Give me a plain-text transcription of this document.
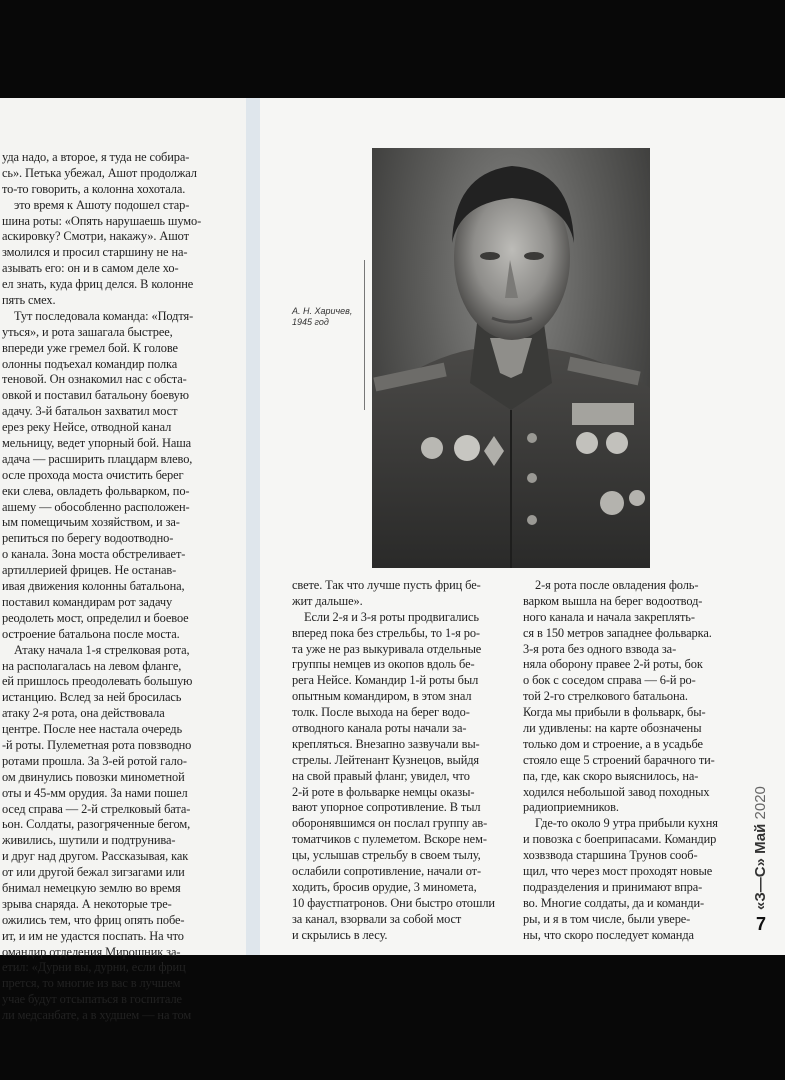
уда надо, а второе, я туда не собира-
сь». Петька убежал, Ашот продолжал
то-то говорить, а колонна хохотала.
это время к Ашоту подошел стар-
шина роты: «Опять нарушаешь шумо-
аскировку? Смотри, накажу». Ашот
змолился и просил старшину не на-
азывать его: он и в самом деле хо-
ел знать, куда фриц делся. В колонне
пять смех.
Тут последовала команда: «Подтя-
уться», и рота зашагала быстрее,
впереди уже гремел бой. К голове
олонны подъехал командир полка
теновой. Он ознакомил нас с обста-
овкой и поставил батальону боевую
адачу. 3-й батальон захватил мост
ерез реку Нейсе, отводной канал
мельницу, ведет упорный бой. Наша
адача — расширить плацдарм влево,
осле прохода моста очистить берег
еки слева, овладеть фольварком, по-
ашему — обособленно расположен-
ым помещичьим хозяйством, и за-
репиться по берегу водоотводно-
о канала. Зона моста обстреливает-
артиллерией фрицев. Не останав-
ивая движения колонны батальона,
поставил командирам рот задачу
реодолеть мост, определил и боевое
остроение батальона после моста.
Атаку начала 1-я стрелковая рота,
на располагалась на левом фланге,
ей пришлось преодолевать большую
истанцию. Вслед за ней бросилась
атаку 2-я рота, она действовала
центре. После нее настала очередь
-й роты. Пулеметная рота повзводно
ротами прошла. За 3-ей ротой гало-
ом двинулись повозки минометной
оты и 45-мм орудия. За нами пошел
осед справа — 2-й стрелковый бата-
ьон. Солдаты, разогряченные бегом,
живились, шутили и подтрунива-
и друг над другом. Рассказывая, как
от или другой бежал зигзагами или
бнимал немецкую землю во время
зрыва снаряда. А некоторые тре-
ожились тем, что фриц опять побе-
ит, и им не удастся поспать. На что
омандир отделения Мирошник за-
етил: «Дурни вы, дурни, если фриц
прется, то многие из вас в лучшем
учае будут отсыпаться в госпитале
ли медсанбате, а в худшем — на том
А. Н. Харичев,
1945 год
свете. Так что лучше пусть фриц бе-
жит дальше».
Если 2-я и 3-я роты продвигались
вперед пока без стрельбы, то 1-я ро-
та уже не раз выкуривала отдельные
группы немцев из окопов вдоль бе-
рега Нейсе. Командир 1-й роты был
опытным командиром, в этом знал
толк. После выхода на берег водо-
отводного канала роты начали за-
крепляться. Внезапно зазвучали вы-
стрелы. Лейтенант Кузнецов, выйдя
на свой правый фланг, увидел, что
2-й роте в фольварке немцы оказы-
вают упорное сопротивление. В тыл
оборонявшимся он послал группу ав-
томатчиков с пулеметом. Вскоре нем-
цы, услышав стрельбу в своем тылу,
ослабили сопротивление, начали от-
ходить, бросив орудие, 3 миномета,
10 фаустпатронов. Они быстро отошли
за канал, взорвали за собой мост
и скрылись в лесу.
2-я рота после овладения фоль-
варком вышла на берег водоотвод-
ного канала и начала закреплять-
ся в 150 метров западнее фольварка.
3-я рота без одного взвода за-
няла оборону правее 2-й роты, бок
о бок с соседом справа — 6-й ро-
той 2-го стрелкового батальона.
Когда мы прибыли в фольварк, бы-
ли удивлены: на карте обозначены
только дом и строение, а в усадьбе
стояло еще 5 строений барачного ти-
па, где, как скоро выяснилось, на-
ходился небольшой завод походных
радиоприемников.
Где-то около 9 утра прибыли кухня
и повозка с боеприпасами. Командир
хозвзвода старшина Трунов сооб-
щил, что через мост проходят новые
подразделения и принимают впра-
во. Многие солдаты, да и команди-
ры, и я в том числе, были увере-
ны, что скоро последует команда
«З—С» Май 2020
7
